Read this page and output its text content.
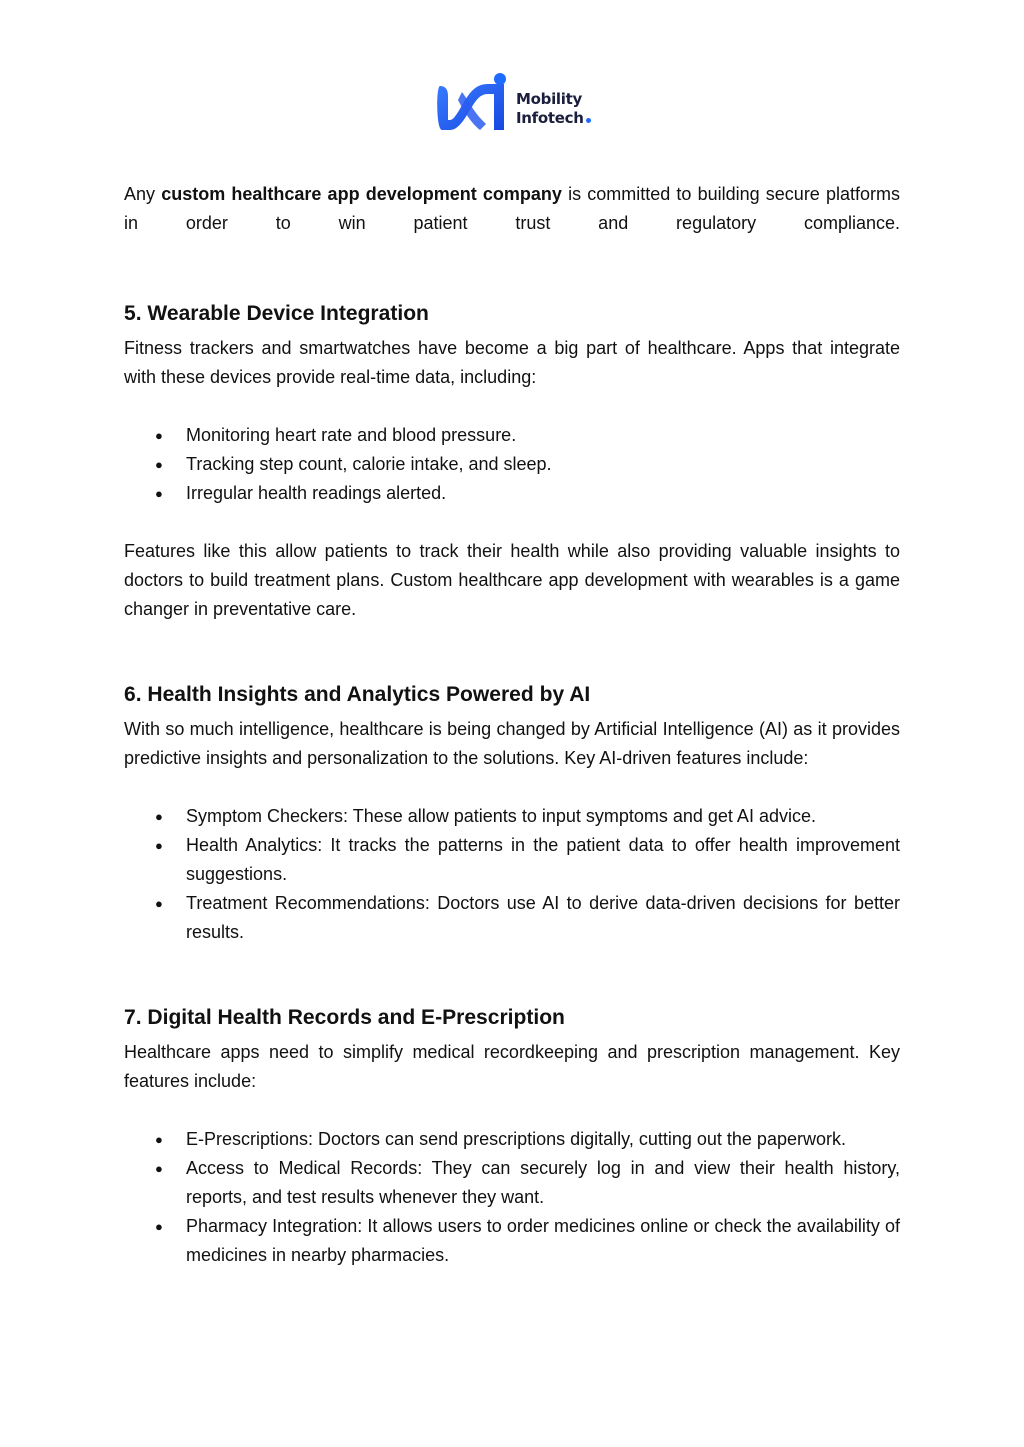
Mobility
Infotech

Any custom healthcare app development company is committed to building secure platforms in order to win patient trust and regulatory compliance.

5. Wearable Device Integration

Fitness trackers and smartwatches have become a big part of healthcare. Apps that integrate with these devices provide real-time data, including:

● Monitoring heart rate and blood pressure.
● Tracking step count, calorie intake, and sleep.
● Irregular health readings alerted.

Features like this allow patients to track their health while also providing valuable insights to doctors to build treatment plans. Custom healthcare app development with wearables is a game changer in preventative care.

6. Health Insights and Analytics Powered by AI

With so much intelligence, healthcare is being changed by Artificial Intelligence (AI) as it provides predictive insights and personalization to the solutions. Key AI-driven features include:

● Symptom Checkers: These allow patients to input symptoms and get AI advice.
● Health Analytics: It tracks the patterns in the patient data to offer health improvement suggestions.
● Treatment Recommendations: Doctors use AI to derive data-driven decisions for better results.
7. Digital Health Records and E-Prescription

Healthcare apps need to simplify medical recordkeeping and prescription management. Key features include:

● E-Prescriptions: Doctors can send prescriptions digitally, cutting out the paperwork.
● Access to Medical Records: They can securely log in and view their health history, reports, and test results whenever they want.
● Pharmacy Integration: It allows users to order medicines online or check the availability of medicines in nearby pharmacies.
